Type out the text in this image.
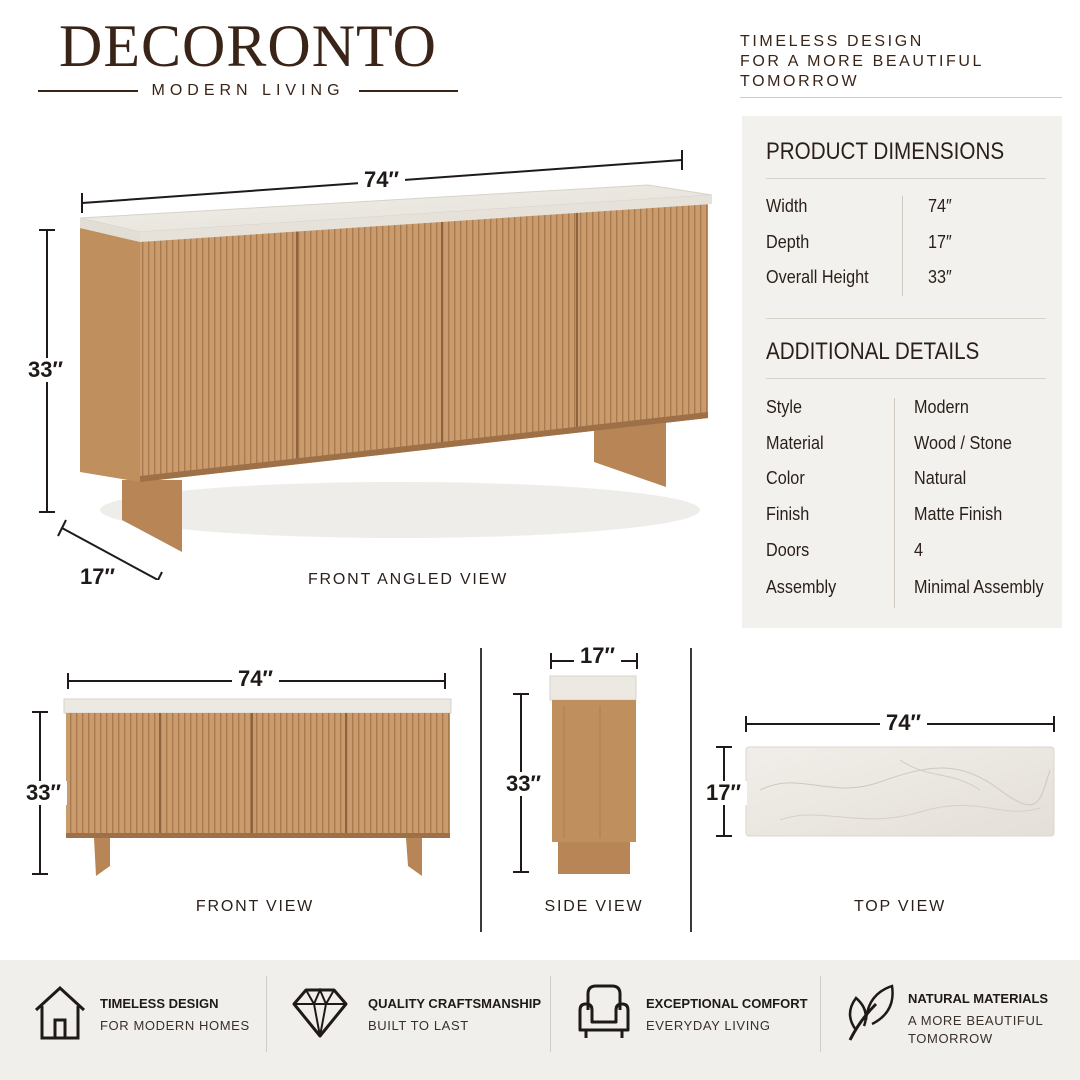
DECORONTO
MODERN LIVING
TIMELESS DESIGN
FOR A MORE BEAUTIFUL
TOMORROW
PRODUCT DIMENSIONS
Width	74″
Depth	17″
Overall Height	33″
ADDITIONAL DETAILS
Style	Modern
Material	Wood / Stone
Color	Natural
Finish	Matte Finish
Doors	4
Assembly	Minimal Assembly
74″
33″
17″	FRONT ANGLED VIEW
74″
33″
FRONT VIEW
17″
33″
SIDE VIEW
74″
17″
TOP VIEW
TIMELESS DESIGN
FOR MODERN HOMES
QUALITY CRAFTSMANSHIP
BUILT TO LAST
EXCEPTIONAL COMFORT
EVERYDAY LIVING
NATURAL MATERIALS
A MORE BEAUTIFUL
TOMORROW
